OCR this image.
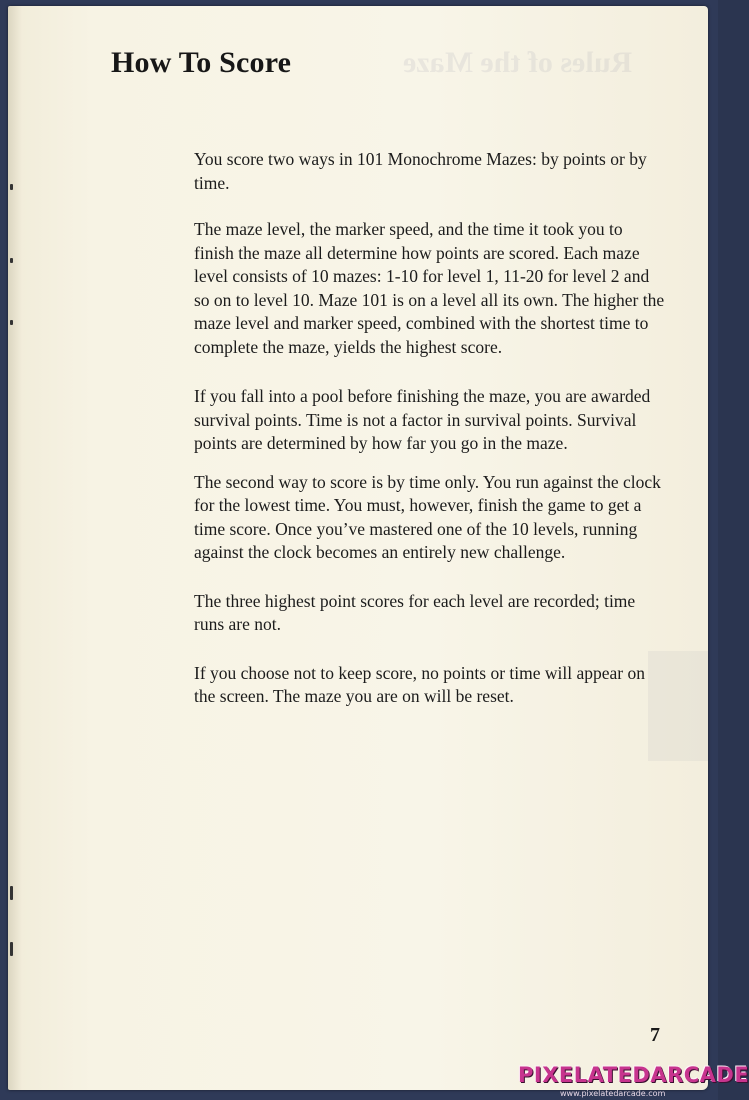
Rules of the Maze
How To Score

You score two ways in 101 Monochrome Mazes: by points or by time.

The maze level, the marker speed, and the time it took you to finish the maze all determine how points are scored. Each maze level consists of 10 mazes: 1-10 for level 1, 11-20 for level 2 and so on to level 10. Maze 101 is on a level all its own. The higher the maze level and marker speed, combined with the shortest time to complete the maze, yields the highest score.

If you fall into a pool before finishing the maze, you are awarded survival points. Time is not a factor in survival points. Survival points are determined by how far you go in the maze.

The second way to score is by time only. You run against the clock for the lowest time. You must, however, finish the game to get a time score. Once you’ve mastered one of the 10 levels, running against the clock becomes an entirely new challenge.

The three highest point scores for each level are recorded; time runs are not.

If you choose not to keep score, no points or time will appear on the screen. The maze you are on will be reset.

7
PIXELATEDARCADE
www.pixelatedarcade.com
